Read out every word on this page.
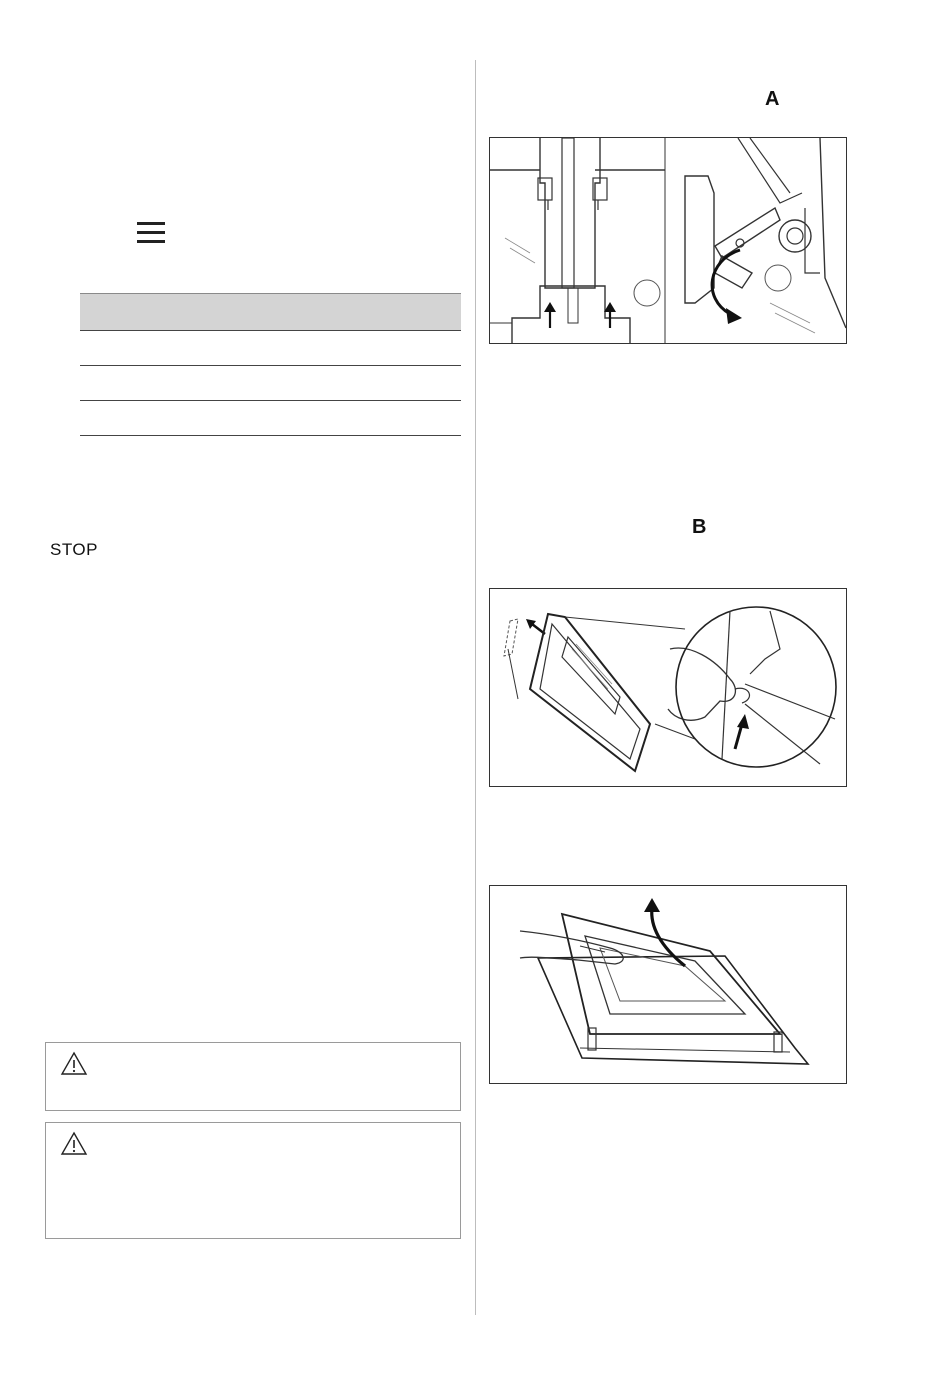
STOP
A
B
